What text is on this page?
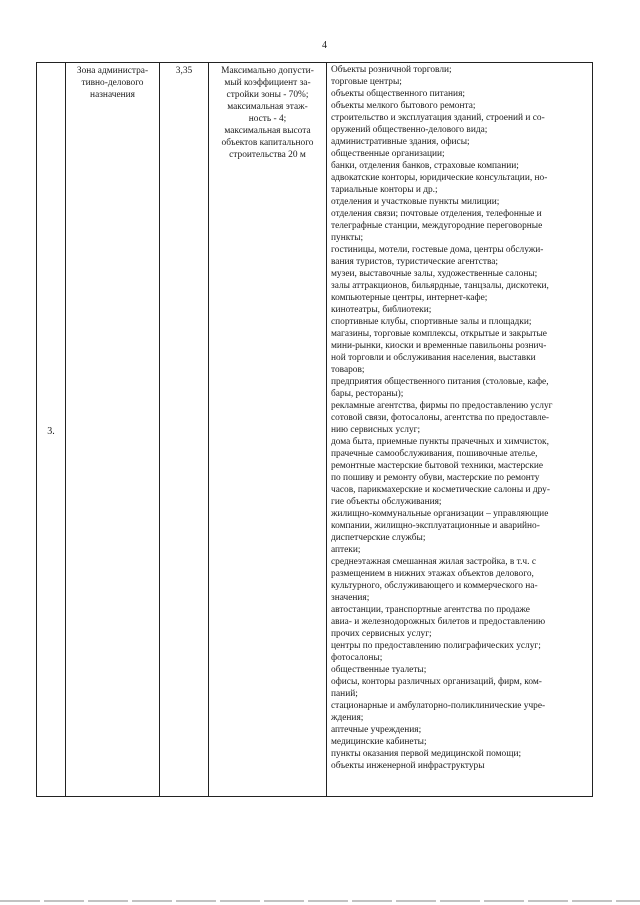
4
3.
Зона администра-
тивно-делового
назначения
3,35	Максимально допусти-
мый коэффициент за-
стройки зоны - 70%;
максимальная этаж-
ность - 4;
максимальная высота
объектов капитального
строительства 20 м
Объекты розничной торговли;
торговые центры;
объекты общественного питания;
объекты мелкого бытового ремонта;
строительство и эксплуатация зданий, строений и со-
оружений общественно-делового вида;
административные здания, офисы;
общественные организации;
банки, отделения банков, страховые компании;
адвокатские конторы, юридические консультации, но-
тариальные конторы и др.;
отделения и участковые пункты милиции;
отделения связи; почтовые отделения, телефонные и
телеграфные станции, междугородние переговорные
пункты;
гостиницы, мотели, гостевые дома, центры обслужи-
вания туристов, туристические агентства;
музеи, выставочные залы, художественные салоны;
залы аттракционов, бильярдные, танцзалы, дискотеки,
компьютерные центры, интернет-кафе;
кинотеатры, библиотеки;
спортивные клубы, спортивные залы и площадки;
магазины, торговые комплексы, открытые и закрытые
мини-рынки, киоски и временные павильоны рознич-
ной торговли и обслуживания населения, выставки
товаров;
предприятия общественного питания (столовые, кафе,
бары, рестораны);
рекламные агентства, фирмы по предоставлению услуг
сотовой связи, фотосалоны, агентства по предоставле-
нию сервисных услуг;
дома быта, приемные пункты прачечных и химчисток,
прачечные самообслуживания, пошивочные ателье,
ремонтные мастерские бытовой техники, мастерские
по пошиву и ремонту обуви, мастерские по ремонту
часов, парикмахерские и косметические салоны и дру-
гие объекты обслуживания;
жилищно-коммунальные организации – управляющие
компании, жилищно-эксплуатационные и аварийно-
диспетчерские службы;
аптеки;
среднеэтажная смешанная жилая застройка, в т.ч. с
размещением в нижних этажах объектов делового,
культурного, обслуживающего и коммерческого на-
значения;
автостанции, транспортные агентства по продаже
авиа- и железнодорожных билетов и предоставлению
прочих сервисных услуг;
центры по предоставлению полиграфических услуг;
фотосалоны;
общественные туалеты;
офисы, конторы различных организаций, фирм, ком-
паний;
стационарные и амбулаторно-поликлинические учре-
ждения;
аптечные учреждения;
медицинские кабинеты;
пункты оказания первой медицинской помощи;
объекты инженерной инфраструктуры
